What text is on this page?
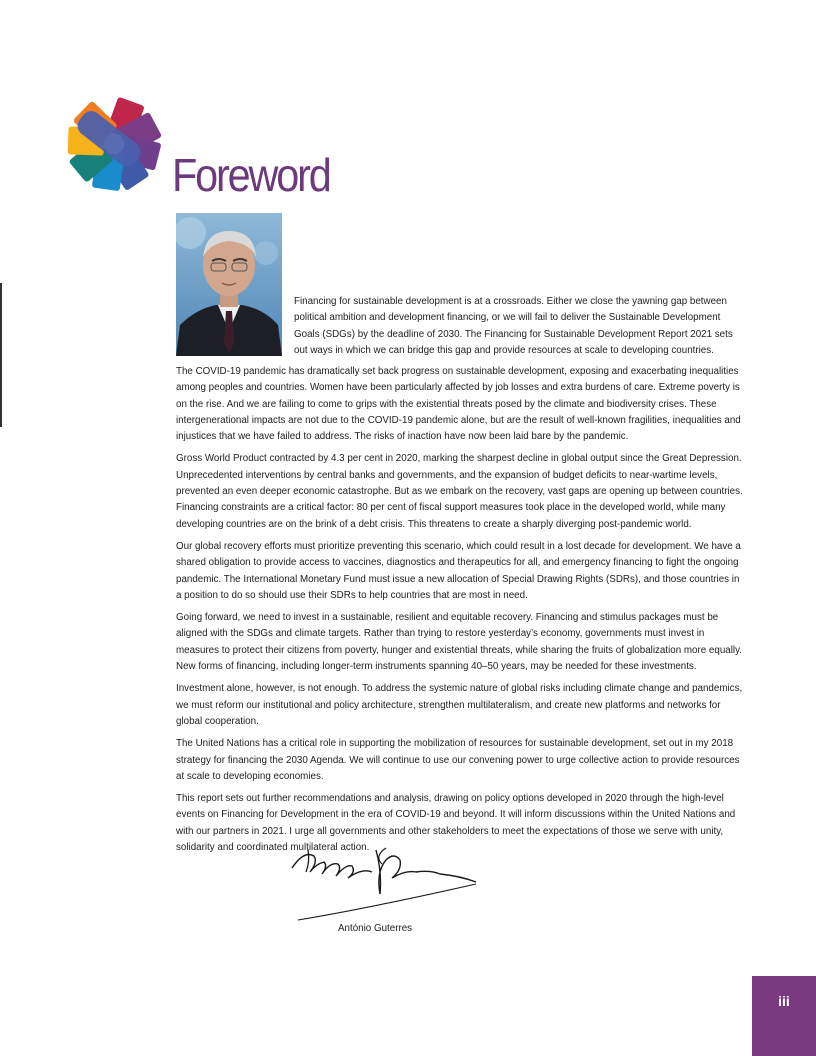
Foreword

Financing for sustainable development is at a crossroads. Either we close the yawning gap between political ambition and development financing, or we will fail to deliver the Sustainable Development Goals (SDGs) by the deadline of 2030. The Financing for Sustainable Development Report 2021 sets out ways in which we can bridge this gap and provide resources at scale to developing countries.

The COVID-19 pandemic has dramatically set back progress on sustainable development, exposing and exacerbating inequalities among peoples and countries. Women have been particularly affected by job losses and extra burdens of care. Extreme poverty is on the rise. And we are failing to come to grips with the existential threats posed by the climate and biodiversity crises. These intergenerational impacts are not due to the COVID-19 pandemic alone, but are the result of well-known fragilities, inequalities and injustices that we have failed to address. The risks of inaction have now been laid bare by the pandemic.

Gross World Product contracted by 4.3 per cent in 2020, marking the sharpest decline in global output since the Great Depression. Unprecedented interventions by central banks and governments, and the expansion of budget deficits to near-wartime levels, prevented an even deeper economic catastrophe. But as we embark on the recovery, vast gaps are opening up between countries. Financing constraints are a critical factor: 80 per cent of fiscal support measures took place in the developed world, while many developing countries are on the brink of a debt crisis. This threatens to create a sharply diverging post-pandemic world.

Our global recovery efforts must prioritize preventing this scenario, which could result in a lost decade for development. We have a shared obligation to provide access to vaccines, diagnostics and therapeutics for all, and emergency financing to fight the ongoing pandemic. The International Monetary Fund must issue a new allocation of Special Drawing Rights (SDRs), and those countries in a position to do so should use their SDRs to help countries that are most in need.

Going forward, we need to invest in a sustainable, resilient and equitable recovery. Financing and stimulus packages must be aligned with the SDGs and climate targets. Rather than trying to restore yesterday’s economy, governments must invest in measures to protect their citizens from poverty, hunger and existential threats, while sharing the fruits of globalization more equally. New forms of financing, including longer-term instruments spanning 40–50 years, may be needed for these investments.

Investment alone, however, is not enough. To address the systemic nature of global risks including climate change and pandemics, we must reform our institutional and policy architecture, strengthen multilateralism, and create new platforms and networks for global cooperation.

The United Nations has a critical role in supporting the mobilization of resources for sustainable development, set out in my 2018 strategy for financing the 2030 Agenda. We will continue to use our convening power to urge collective action to provide resources at scale to developing economies.

This report sets out further recommendations and analysis, drawing on policy options developed in 2020 through the high-level events on Financing for Development in the era of COVID-19 and beyond. It will inform discussions within the United Nations and with our partners in 2021. I urge all governments and other stakeholders to meet the expectations of those we serve with unity, solidarity and coordinated multilateral action.

António Guterres
iii
